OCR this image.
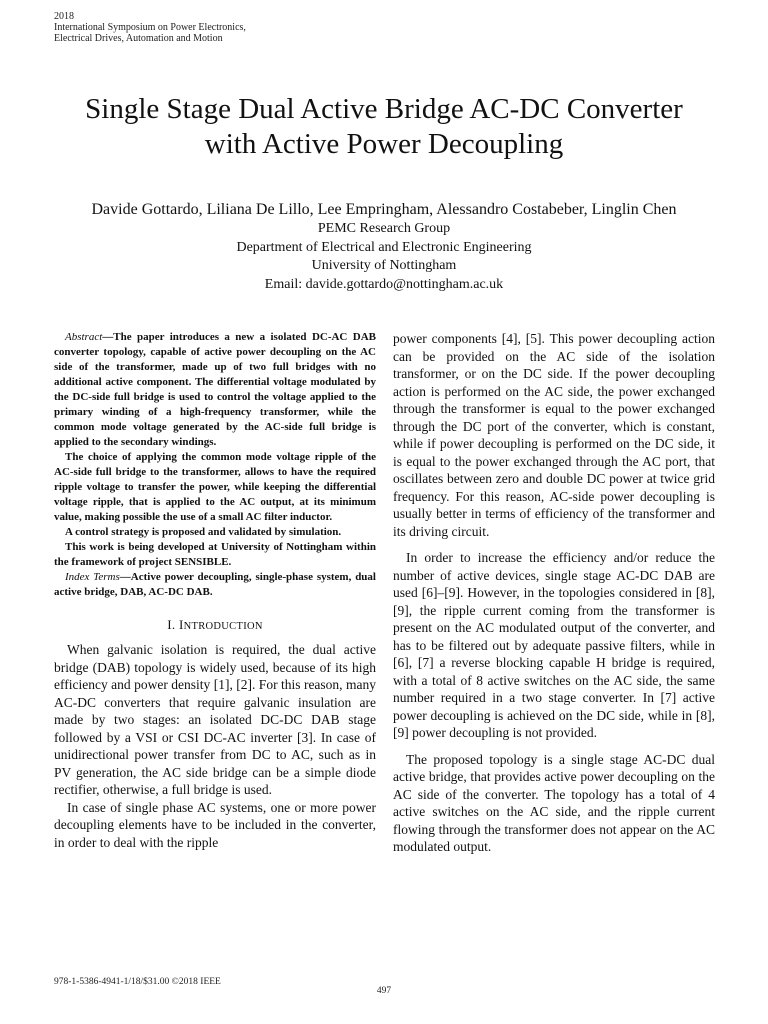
2018
International Symposium on Power Electronics,
Electrical Drives, Automation and Motion
Single Stage Dual Active Bridge AC-DC Converter
with Active Power Decoupling
Davide Gottardo, Liliana De Lillo, Lee Empringham, Alessandro Costabeber, Linglin Chen
PEMC Research Group
Department of Electrical and Electronic Engineering
University of Nottingham
Email: davide.gottardo@nottingham.ac.uk

Abstract—The paper introduces a new a isolated DC-AC DAB converter topology, capable of active power decoupling on the AC side of the transformer, made up of two full bridges with no additional active component. The differential voltage modulated by the DC-side full bridge is used to control the voltage applied to the primary winding of a high-frequency transformer, while the common mode voltage generated by the AC-side full bridge is applied to the secondary windings.

The choice of applying the common mode voltage ripple of the AC-side full bridge to the transformer, allows to have the required ripple voltage to transfer the power, while keeping the differential voltage ripple, that is applied to the AC output, at its minimum value, making possible the use of a small AC filter inductor.

A control strategy is proposed and validated by simulation.

This work is being developed at University of Nottingham within the framework of project SENSIBLE.

Index Terms—Active power decoupling, single-phase system, dual active bridge, DAB, AC-DC DAB.

I. INTRODUCTION

When galvanic isolation is required, the dual active bridge (DAB) topology is widely used, because of its high efficiency and power density [1], [2]. For this reason, many AC-DC converters that require galvanic insulation are made by two stages: an isolated DC-DC DAB stage followed by a VSI or CSI DC-AC inverter [3]. In case of unidirectional power transfer from DC to AC, such as in PV generation, the AC side bridge can be a simple diode rectifier, otherwise, a full bridge is used.

In case of single phase AC systems, one or more power decoupling elements have to be included in the converter, in order to deal with the ripple

power components [4], [5]. This power decoupling action can be provided on the AC side of the isolation transformer, or on the DC side. If the power decoupling action is performed on the AC side, the power exchanged through the transformer is equal to the power exchanged through the DC port of the converter, which is constant, while if power decoupling is performed on the DC side, it is equal to the power exchanged through the AC port, that oscillates between zero and double DC power at twice grid frequency. For this reason, AC-side power decoupling is usually better in terms of efficiency of the transformer and its driving circuit.

In order to increase the efficiency and/or reduce the number of active devices, single stage AC-DC DAB are used [6]–[9]. However, in the topologies considered in [8], [9], the ripple current coming from the transformer is present on the AC modulated output of the converter, and has to be filtered out by adequate passive filters, while in [6], [7] a reverse blocking capable H bridge is required, with a total of 8 active switches on the AC side, the same number required in a two stage converter. In [7] active power decoupling is achieved on the DC side, while in [8], [9] power decoupling is not provided.

The proposed topology is a single stage AC-DC dual active bridge, that provides active power decoupling on the AC side of the converter. The topology has a total of 4 active switches on the AC side, and the ripple current flowing through the transformer does not appear on the AC modulated output.

978-1-5386-4941-1/18/$31.00 ©2018 IEEE
497
